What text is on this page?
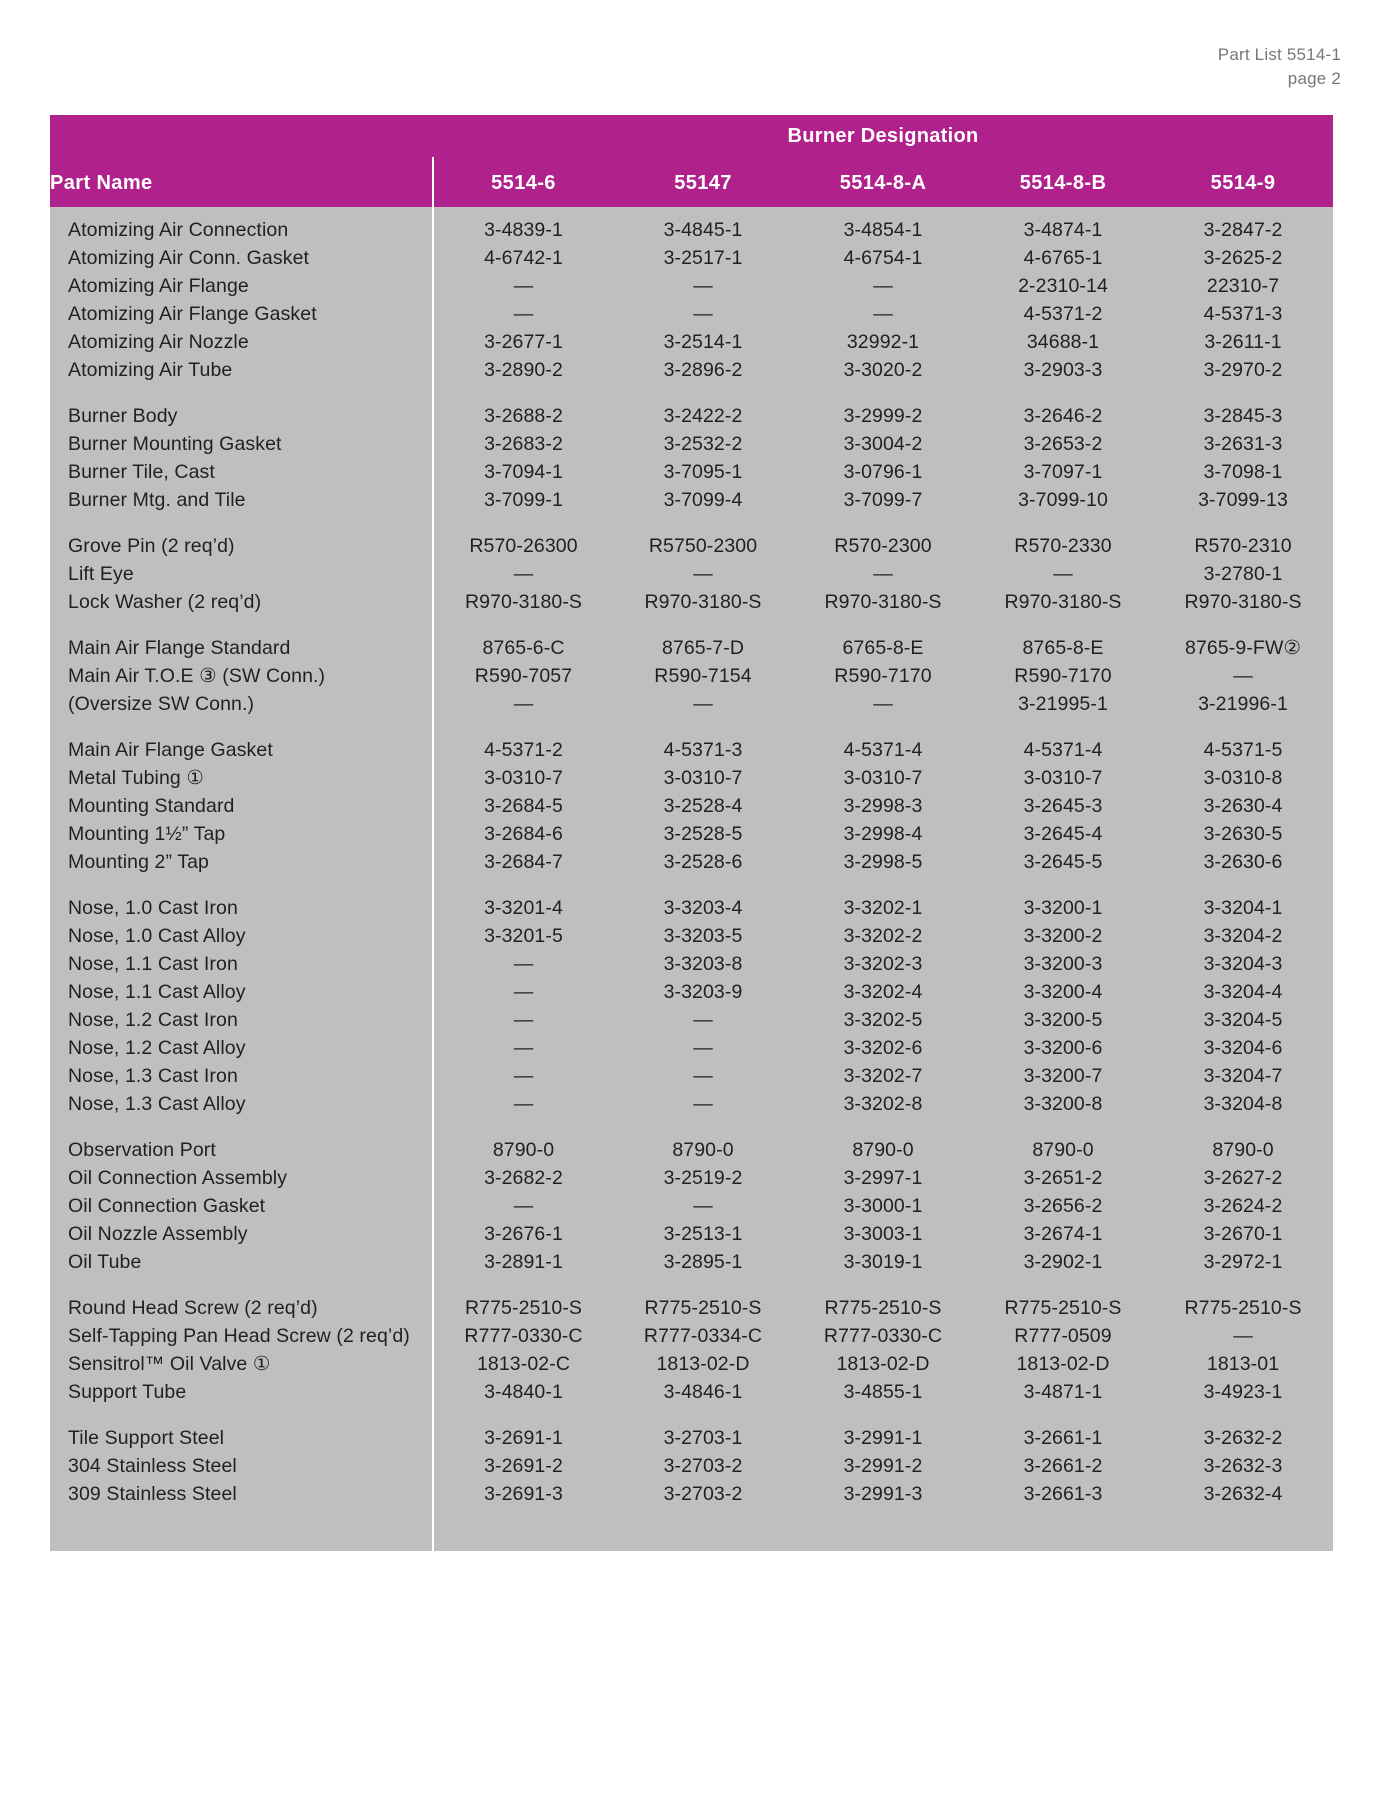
Part List 5514-1
page 2
	Burner Designation				
Part Name	5514-6	55147	5514-8-A	5514-8-B	5514-9

Atomizing Air Connection	3-4839-1	3-4845-1	3-4854-1	3-4874-1	3-2847-2
Atomizing Air Conn. Gasket	4-6742-1	3-2517-1	4-6754-1	4-6765-1	3-2625-2
Atomizing Air Flange	—	—	—	2-2310-14	22310-7
Atomizing Air Flange Gasket	—	—	—	4-5371-2	4-5371-3
Atomizing Air Nozzle	3-2677-1	3-2514-1	32992-1	34688-1	3-2611-1
Atomizing Air Tube	3-2890-2	3-2896-2	3-3020-2	3-2903-3	3-2970-2

Burner Body	3-2688-2	3-2422-2	3-2999-2	3-2646-2	3-2845-3
Burner Mounting Gasket	3-2683-2	3-2532-2	3-3004-2	3-2653-2	3-2631-3
Burner Tile, Cast	3-7094-1	3-7095-1	3-0796-1	3-7097-1	3-7098-1
Burner Mtg. and Tile	3-7099-1	3-7099-4	3-7099-7	3-7099-10	3-7099-13

Grove Pin (2 req’d)	R570-26300	R5750-2300	R570-2300	R570-2330	R570-2310
Lift Eye	—	—	—	—	3-2780-1
Lock Washer (2 req’d)	R970-3180-S	R970-3180-S	R970-3180-S	R970-3180-S	R970-3180-S

Main Air Flange Standard	8765-6-C	8765-7-D	6765-8-E	8765-8-E	8765-9-FW②
Main Air T.O.E ③ (SW Conn.)	R590-7057	R590-7154	R590-7170	R590-7170	—
(Oversize SW Conn.)	—	—	—	3-21995-1	3-21996-1

Main Air Flange Gasket	4-5371-2	4-5371-3	4-5371-4	4-5371-4	4-5371-5
Metal Tubing ①	3-0310-7	3-0310-7	3-0310-7	3-0310-7	3-0310-8
Mounting Standard	3-2684-5	3-2528-4	3-2998-3	3-2645-3	3-2630-4
Mounting 1½” Tap	3-2684-6	3-2528-5	3-2998-4	3-2645-4	3-2630-5
Mounting 2” Tap	3-2684-7	3-2528-6	3-2998-5	3-2645-5	3-2630-6

Nose, 1.0 Cast Iron	3-3201-4	3-3203-4	3-3202-1	3-3200-1	3-3204-1
Nose, 1.0 Cast Alloy	3-3201-5	3-3203-5	3-3202-2	3-3200-2	3-3204-2
Nose, 1.1 Cast Iron	—	3-3203-8	3-3202-3	3-3200-3	3-3204-3
Nose, 1.1 Cast Alloy	—	3-3203-9	3-3202-4	3-3200-4	3-3204-4
Nose, 1.2 Cast Iron	—	—	3-3202-5	3-3200-5	3-3204-5
Nose, 1.2 Cast Alloy	—	—	3-3202-6	3-3200-6	3-3204-6
Nose, 1.3 Cast Iron	—	—	3-3202-7	3-3200-7	3-3204-7
Nose, 1.3 Cast Alloy	—	—	3-3202-8	3-3200-8	3-3204-8

Observation Port	8790-0	8790-0	8790-0	8790-0	8790-0
Oil Connection Assembly	3-2682-2	3-2519-2	3-2997-1	3-2651-2	3-2627-2
Oil Connection Gasket	—	—	3-3000-1	3-2656-2	3-2624-2
Oil Nozzle Assembly	3-2676-1	3-2513-1	3-3003-1	3-2674-1	3-2670-1
Oil Tube	3-2891-1	3-2895-1	3-3019-1	3-2902-1	3-2972-1

Round Head Screw (2 req’d)	R775-2510-S	R775-2510-S	R775-2510-S	R775-2510-S	R775-2510-S
Self-Tapping Pan Head Screw (2 req’d)	R777-0330-C	R777-0334-C	R777-0330-C	R777-0509	—
Sensitrol™ Oil Valve ①	1813-02-C	1813-02-D	1813-02-D	1813-02-D	1813-01
Support Tube	3-4840-1	3-4846-1	3-4855-1	3-4871-1	3-4923-1

Tile Support Steel	3-2691-1	3-2703-1	3-2991-1	3-2661-1	3-2632-2
304 Stainless Steel	3-2691-2	3-2703-2	3-2991-2	3-2661-2	3-2632-3
309 Stainless Steel	3-2691-3	3-2703-2	3-2991-3	3-2661-3	3-2632-4
